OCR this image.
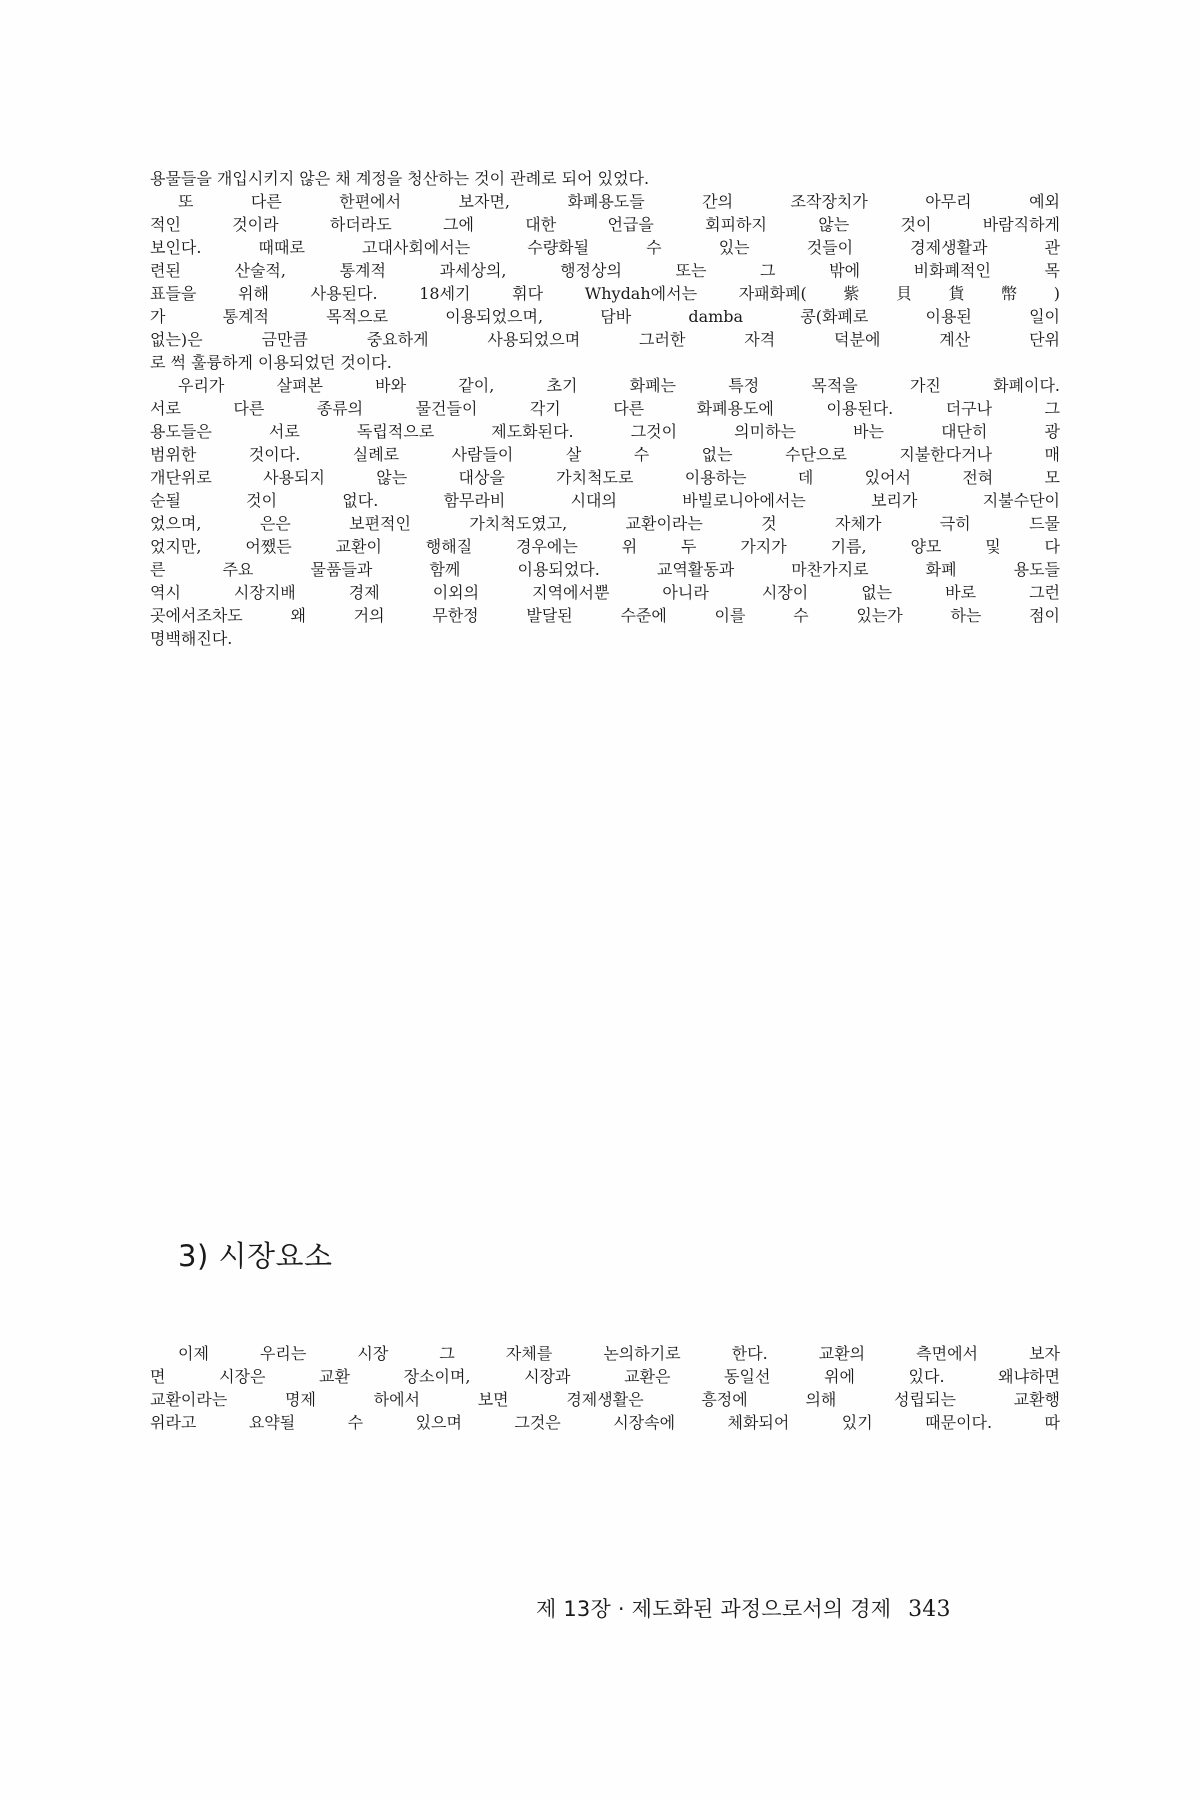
용물들을 개입시키지 않은 채 계정을 청산하는 것이 관례로 되어 있었다.
또 다른 한편에서 보자면, 화폐용도들 간의 조작장치가 아무리 예외
적인 것이라 하더라도 그에 대한 언급을 회피하지 않는 것이 바람직하게
보인다. 때때로 고대사회에서는 수량화될 수 있는 것들이 경제생활과 관
련된 산술적, 통계적 과세상의, 행정상의 또는 그 밖에 비화폐적인 목
표들을 위해 사용된다. 18세기 휘다 Whydah에서는 자패화폐(紫貝貨幣)
가 통계적 목적으로 이용되었으며, 담바 damba 콩(화폐로 이용된 일이
없는)은 금만큼 중요하게 사용되었으며 그러한 자격 덕분에 계산 단위
로 썩 훌륭하게 이용되었던 것이다.
우리가 살펴본 바와 같이, 초기 화폐는 특정 목적을 가진 화폐이다.
서로 다른 종류의 물건들이 각기 다른 화폐용도에 이용된다. 더구나 그
용도들은 서로 독립적으로 제도화된다. 그것이 의미하는 바는 대단히 광
범위한 것이다. 실례로 사람들이 살 수 없는 수단으로 지불한다거나 매
개단위로 사용되지 않는 대상을 가치척도로 이용하는 데 있어서 전혀 모
순될 것이 없다. 함무라비 시대의 바빌로니아에서는 보리가 지불수단이
었으며, 은은 보편적인 가치척도였고, 교환이라는 것 자체가 극히 드물
었지만, 어쨌든 교환이 행해질 경우에는 위 두 가지가 기름, 양모 및 다
른 주요 물품들과 함께 이용되었다. 교역활동과 마찬가지로 화폐 용도들
역시 시장지배 경제 이외의 지역에서뿐 아니라 시장이 없는 바로 그런
곳에서조차도 왜 거의 무한정 발달된 수준에 이를 수 있는가 하는 점이
명백해진다.
3) 시장요소
이제 우리는 시장 그 자체를 논의하기로 한다. 교환의 측면에서 보자
면 시장은 교환 장소이며, 시장과 교환은 동일선 위에 있다. 왜냐하면
교환이라는 명제 하에서 보면 경제생활은 흥정에 의해 성립되는 교환행
위라고 요약될 수 있으며 그것은 시장속에 체화되어 있기 때문이다. 따
제 13장 · 제도화된 과정으로서의 경제 343
